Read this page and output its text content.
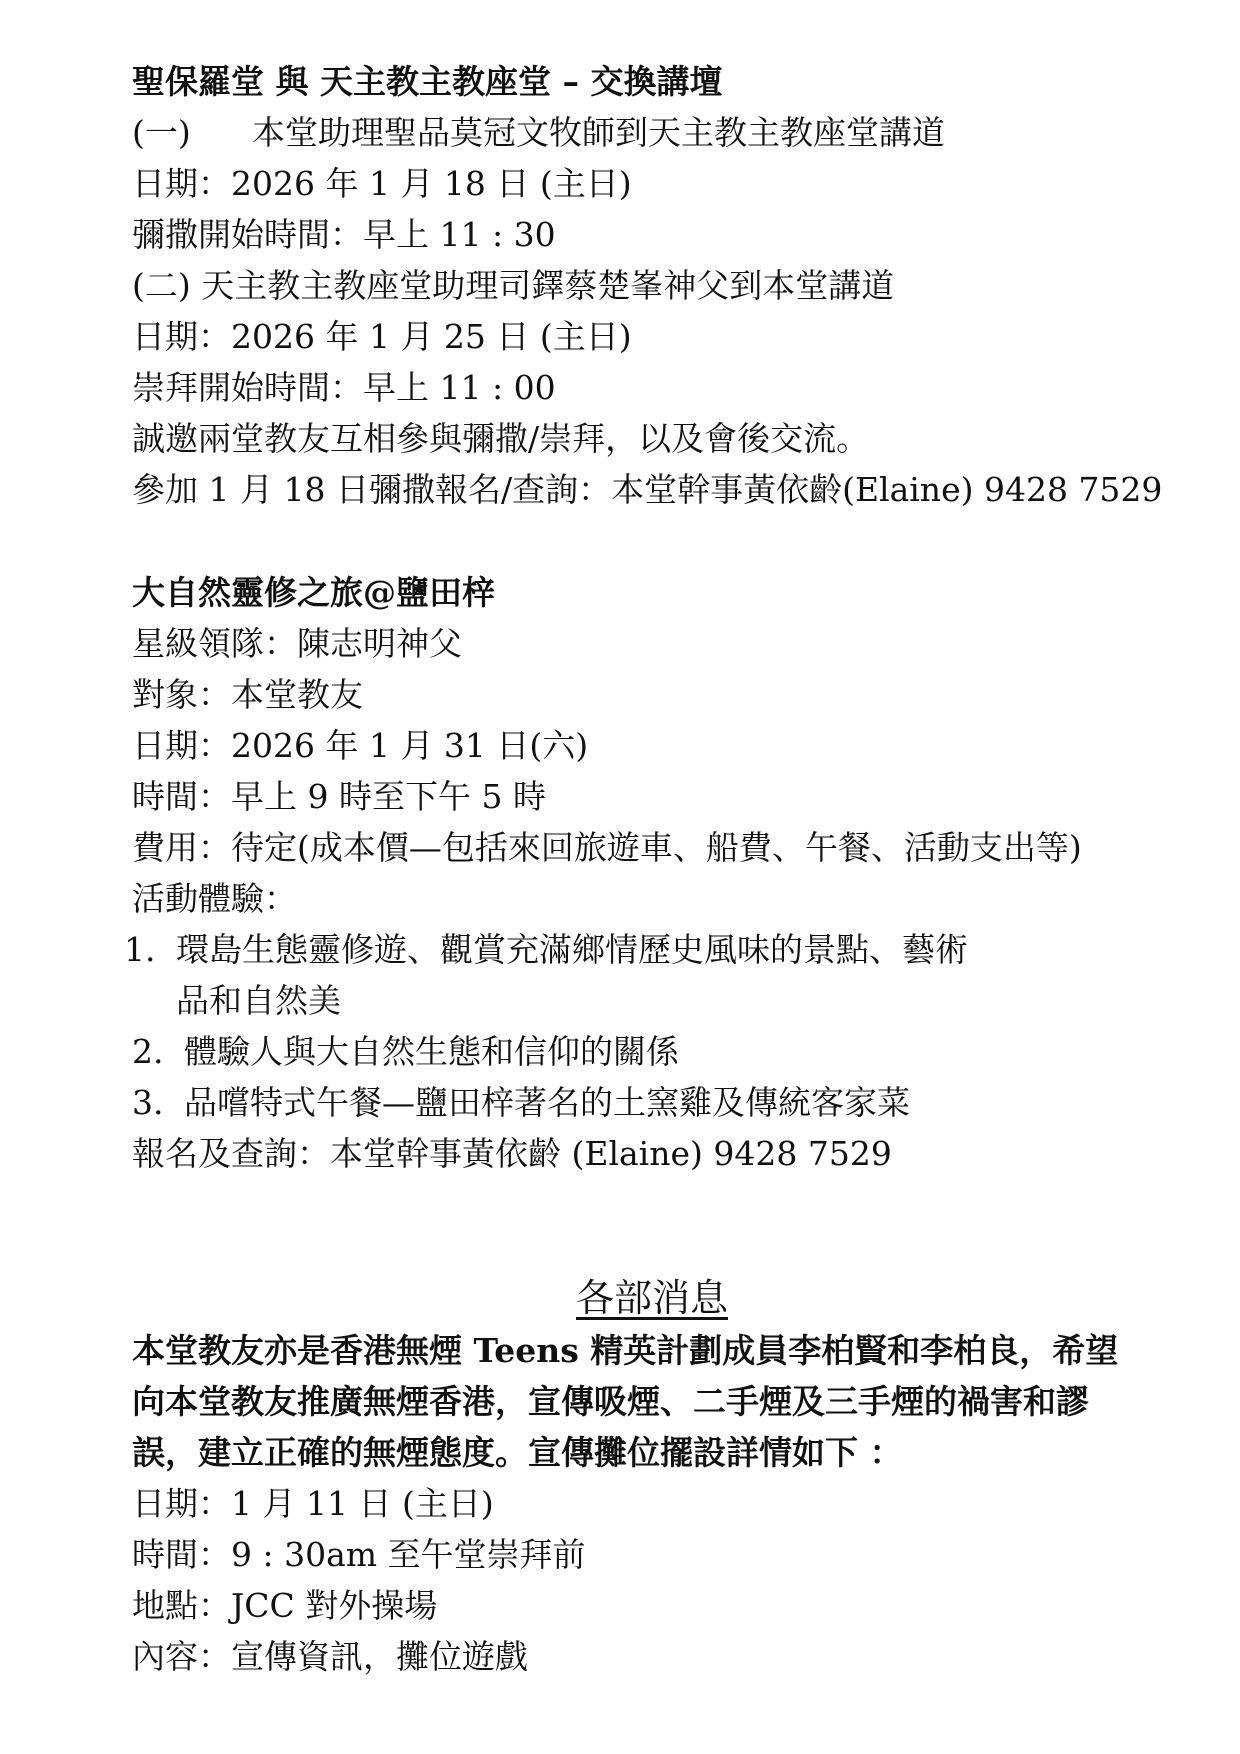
聖保羅堂 與 天主教主教座堂 – 交換講壇
(一) 本堂助理聖品莫冠文牧師到天主教主教座堂講道
日期：2026 年 1 月 18 日 (主日)
彌撒開始時間：早上 11 : 30
(二) 天主教主教座堂助理司鐸蔡楚峯神父到本堂講道
日期：2026 年 1 月 25 日 (主日)
崇拜開始時間：早上 11 : 00
誠邀兩堂教友互相參與彌撒/崇拜，以及會後交流。
參加 1 月 18 日彌撒報名/查詢：本堂幹事黃依齡(Elaine) 9428 7529
大自然靈修之旅@鹽田梓
星級領隊：陳志明神父
對象：本堂教友
日期：2026 年 1 月 31 日(六)
時間：早上 9 時至下午 5 時
費用：待定(成本價—包括來回旅遊車、船費、午餐、活動支出等)
活動體驗：
1. 環島生態靈修遊、觀賞充滿鄉情歷史風味的景點、藝術品和自然美
2. 體驗人與大自然生態和信仰的關係
3. 品嚐特式午餐—鹽田梓著名的土窯雞及傳統客家菜
報名及查詢：本堂幹事黃依齡 (Elaine) 9428 7529
各部消息
本堂教友亦是香港無煙 Teens 精英計劃成員李柏賢和李柏良，希望向本堂教友推廣無煙香港，宣傳吸煙、二手煙及三手煙的禍害和謬誤，建立正確的無煙態度。宣傳攤位擺設詳情如下 ：
日期：1 月 11 日 (主日)
時間：9 : 30am 至午堂崇拜前
地點：JCC 對外操場
內容：宣傳資訊，攤位遊戲
